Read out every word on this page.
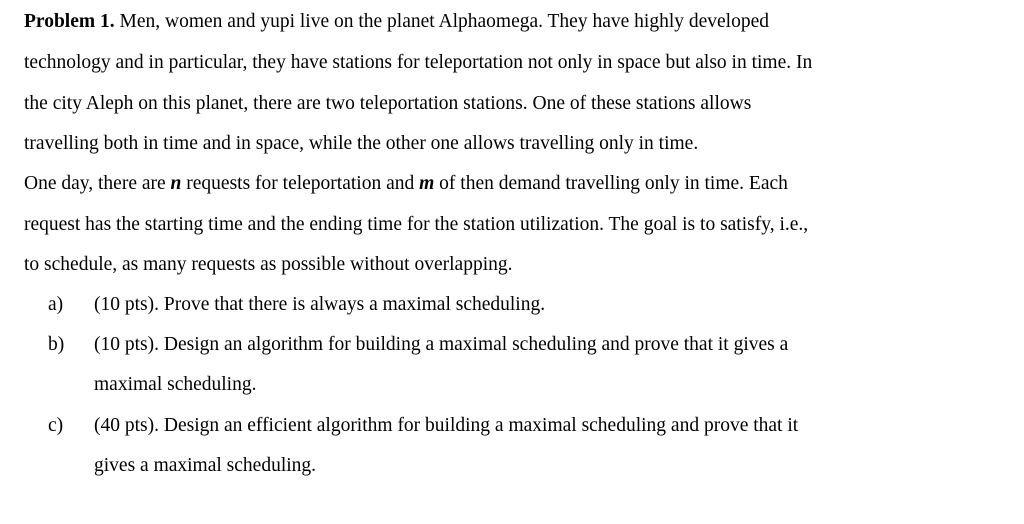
Problem 1. Men, women and yupi live on the planet Alphaomega. They have highly developed
technology and in particular, they have stations for teleportation not only in space but also in time. In
the city Aleph on this planet, there are two teleportation stations. One of these stations allows
travelling both in time and in space, while the other one allows travelling only in time.
One day, there are n requests for teleportation and m of then demand travelling only in time. Each
request has the starting time and the ending time for the station utilization. The goal is to satisfy, i.e.,
to schedule, as many requests as possible without overlapping.
a) (10 pts). Prove that there is always a maximal scheduling.
b) (10 pts). Design an algorithm for building a maximal scheduling and prove that it gives a
maximal scheduling.
c) (40 pts). Design an efficient algorithm for building a maximal scheduling and prove that it
gives a maximal scheduling.
